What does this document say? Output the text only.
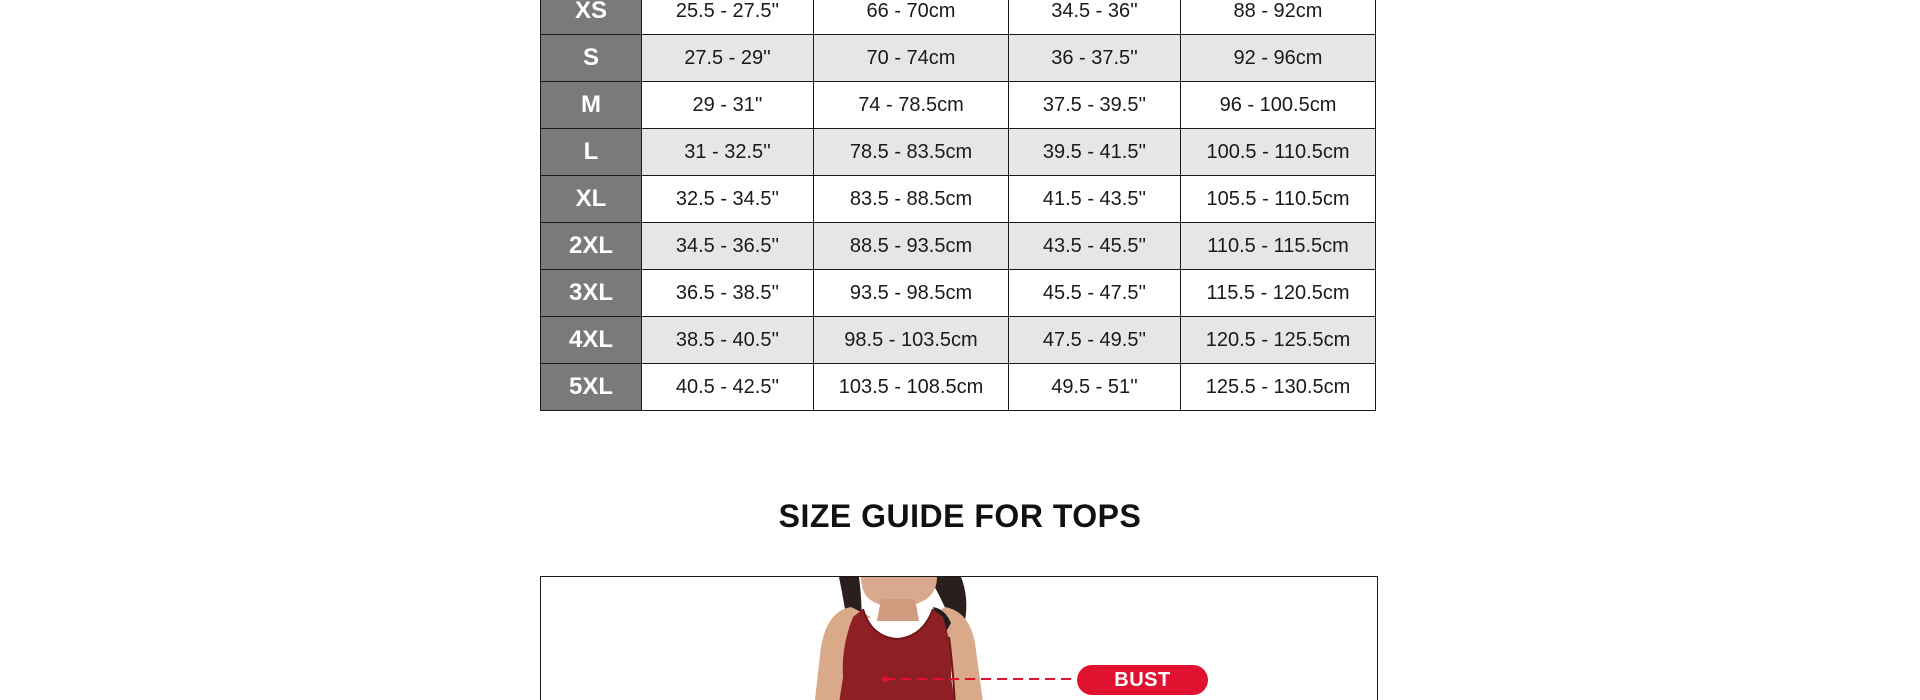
XS	25.5 - 27.5''	66 - 70cm	34.5 - 36''	88 - 92cm
S	27.5 - 29''	70 - 74cm	36 - 37.5''	92 - 96cm
M	29 - 31''	74 - 78.5cm	37.5 - 39.5''	96 - 100.5cm
L	31 - 32.5''	78.5 - 83.5cm	39.5 - 41.5''	100.5 - 110.5cm
XL	32.5 - 34.5''	83.5 - 88.5cm	41.5 - 43.5''	105.5 - 110.5cm
2XL	34.5 - 36.5''	88.5 - 93.5cm	43.5 - 45.5''	110.5 - 115.5cm
3XL	36.5 - 38.5''	93.5 - 98.5cm	45.5 - 47.5''	115.5 - 120.5cm
4XL	38.5 - 40.5''	98.5 - 103.5cm	47.5 - 49.5''	120.5 - 125.5cm
5XL	40.5 - 42.5''	103.5 - 108.5cm	49.5 - 51''	125.5 - 130.5cm
SIZE GUIDE FOR TOPS
BUST
